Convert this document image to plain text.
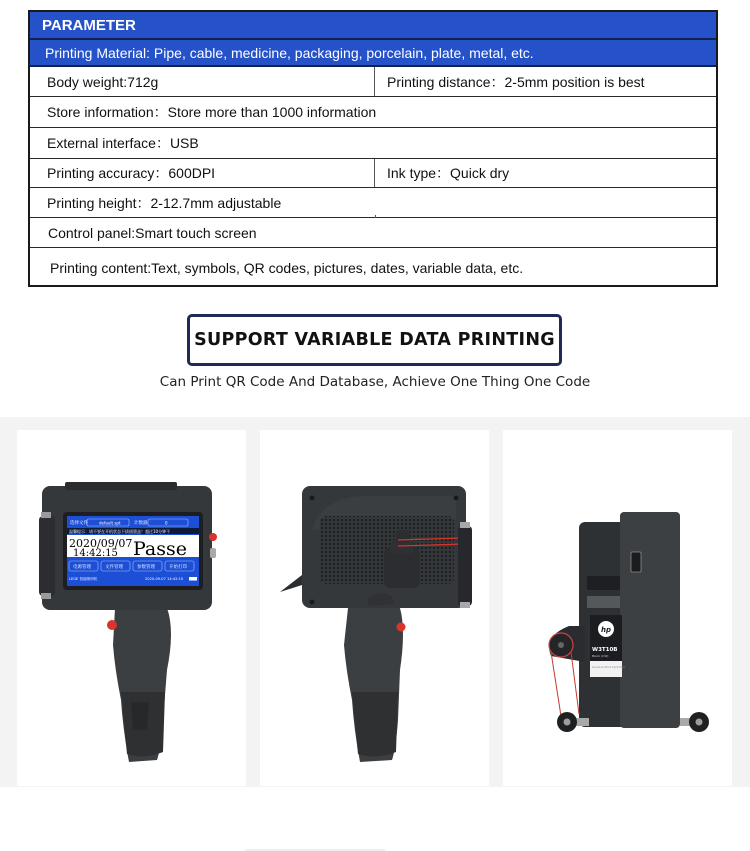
PARAMETER
Printing Material: Pipe, cable, medicine, packaging, porcelain, plate, metal, etc.
Body weight:712g	Printing distance：2-5mm position is best
Store information：Store more than 1000 information
External interface：USB
Printing accuracy：600DPI	Ink type：Quick dry
Printing height：2-12.7mm adjustable
Control panel:Smart touch screen
Printing content:Text, symbols, QR codes, pictures, dates, variable data, etc.
SUPPORT VARIABLE DATA PRINTING
Can Print QR Code And Database, Achieve One Thing One Code
选择文件	default.spt	计数器	0
温馨提示：请不要在开机状态下拔插墨盒！超过10分钟不
2020/09/07
14:42:15 Passe
电源管理	文件管理	参数管理	开始打印
LEGE 智能喷码机	2020-09-07 14:42:15
hp
W3T10B
Black (CW)
Genuine Print Cartridge
